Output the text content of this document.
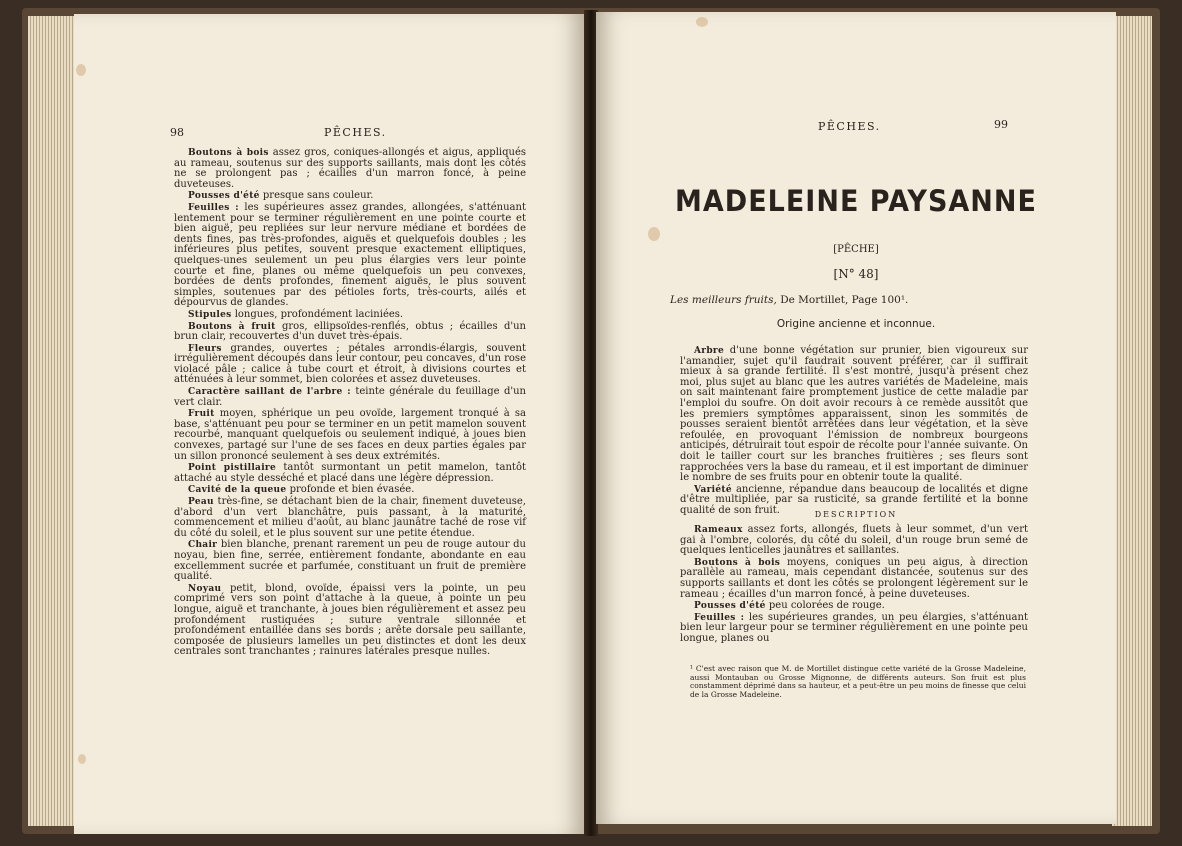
98	PÊCHES.

Boutons à bois assez gros, coniques-allongés et aigus, appliqués au rameau, soutenus sur des supports saillants, mais dont les côtés ne se prolongent pas ; écailles d'un marron foncé, à peine duveteuses.

Pousses d'été presque sans couleur.

Feuilles : les supérieures assez grandes, allongées, s'atténuant lentement pour se terminer régulièrement en une pointe courte et bien aiguë, peu repliées sur leur nervure médiane et bordées de dents fines, pas très-profondes, aiguës et quelquefois doubles ; les inférieures plus petites, souvent presque exactement elliptiques, quelques-unes seulement un peu plus élargies vers leur pointe courte et fine, planes ou même quelquefois un peu convexes, bordées de dents profondes, finement aiguës, le plus souvent simples, soutenues par des pétioles forts, très-courts, ailés et dépourvus de glandes.

Stipules longues, profondément laciniées.

Boutons à fruit gros, ellipsoïdes-renflés, obtus ; écailles d'un brun clair, recouvertes d'un duvet très-épais.

Fleurs grandes, ouvertes ; pétales arrondis-élargis, souvent irrégulièrement découpés dans leur contour, peu concaves, d'un rose violacé pâle ; calice à tube court et étroit, à divisions courtes et atténuées à leur sommet, bien colorées et assez duveteuses.

Caractère saillant de l'arbre : teinte générale du feuillage d'un vert clair.

Fruit moyen, sphérique un peu ovoïde, largement tronqué à sa base, s'atténuant peu pour se terminer en un petit mamelon souvent recourbé, manquant quelquefois ou seulement indiqué, à joues bien convexes, partagé sur l'une de ses faces en deux parties égales par un sillon prononcé seulement à ses deux extrémités.

Point pistillaire tantôt surmontant un petit mamelon, tantôt attaché au style desséché et placé dans une légère dépression.

Cavité de la queue profonde et bien évasée.

Peau très-fine, se détachant bien de la chair, finement duveteuse, d'abord d'un vert blanchâtre, puis passant, à la maturité, commencement et milieu d'août, au blanc jaunâtre taché de rose vif du côté du soleil, et le plus souvent sur une petite étendue.

Chair bien blanche, prenant rarement un peu de rouge autour du noyau, bien fine, serrée, entièrement fondante, abondante en eau excellemment sucrée et parfumée, constituant un fruit de première qualité.

Noyau petit, blond, ovoïde, épaissi vers la pointe, un peu comprimé vers son point d'attache à la queue, à pointe un peu longue, aiguë et tranchante, à joues bien régulièrement et assez peu profondément rustiquées ; suture ventrale sillonnée et profondément entaillée dans ses bords ; arête dorsale peu saillante, composée de plusieurs lamelles un peu distinctes et dont les deux centrales sont tranchantes ; rainures latérales presque nulles.

PÊCHES.	99
MADELEINE PAYSANNE
[PÊCHE]
[N° 48]
Les meilleurs fruits, De Mortillet, Page 100¹.
Origine ancienne et inconnue.

Arbre d'une bonne végétation sur prunier, bien vigoureux sur l'amandier, sujet qu'il faudrait souvent préférer, car il suffirait mieux à sa grande fertilité. Il s'est montré, jusqu'à présent chez moi, plus sujet au blanc que les autres variétés de Madeleine, mais on sait maintenant faire promptement justice de cette maladie par l'emploi du soufre. On doit avoir recours à ce remède aussitôt que les premiers symptômes apparaissent, sinon les sommités de pousses seraient bientôt arrêtées dans leur végétation, et la sève refoulée, en provoquant l'émission de nombreux bourgeons anticipés, détruirait tout espoir de récolte pour l'année suivante. On doit le tailler court sur les branches fruitières ; ses fleurs sont rapprochées vers la base du rameau, et il est important de diminuer le nombre de ses fruits pour en obtenir toute la qualité.

Variété ancienne, répandue dans beaucoup de localités et digne d'être multipliée, par sa rusticité, sa grande fertilité et la bonne qualité de son fruit.	DESCRIPTION

Rameaux assez forts, allongés, fluets à leur sommet, d'un vert gai à l'ombre, colorés, du côté du soleil, d'un rouge brun semé de quelques lenticelles jaunâtres et saillantes.

Boutons à bois moyens, coniques un peu aigus, à direction parallèle au rameau, mais cependant distancée, soutenus sur des supports saillants et dont les côtés se prolongent légèrement sur le rameau ; écailles d'un marron foncé, à peine duveteuses.

Pousses d'été peu colorées de rouge.

Feuilles : les supérieures grandes, un peu élargies, s'atténuant bien leur largeur pour se terminer régulièrement en une pointe peu longue, planes ou

¹ C'est avec raison que M. de Mortillet distingue cette variété de la Grosse Madeleine, aussi Montauban ou Grosse Mignonne, de différents auteurs. Son fruit est plus constamment déprimé dans sa hauteur, et a peut-être un peu moins de finesse que celui de la Grosse Madeleine.
